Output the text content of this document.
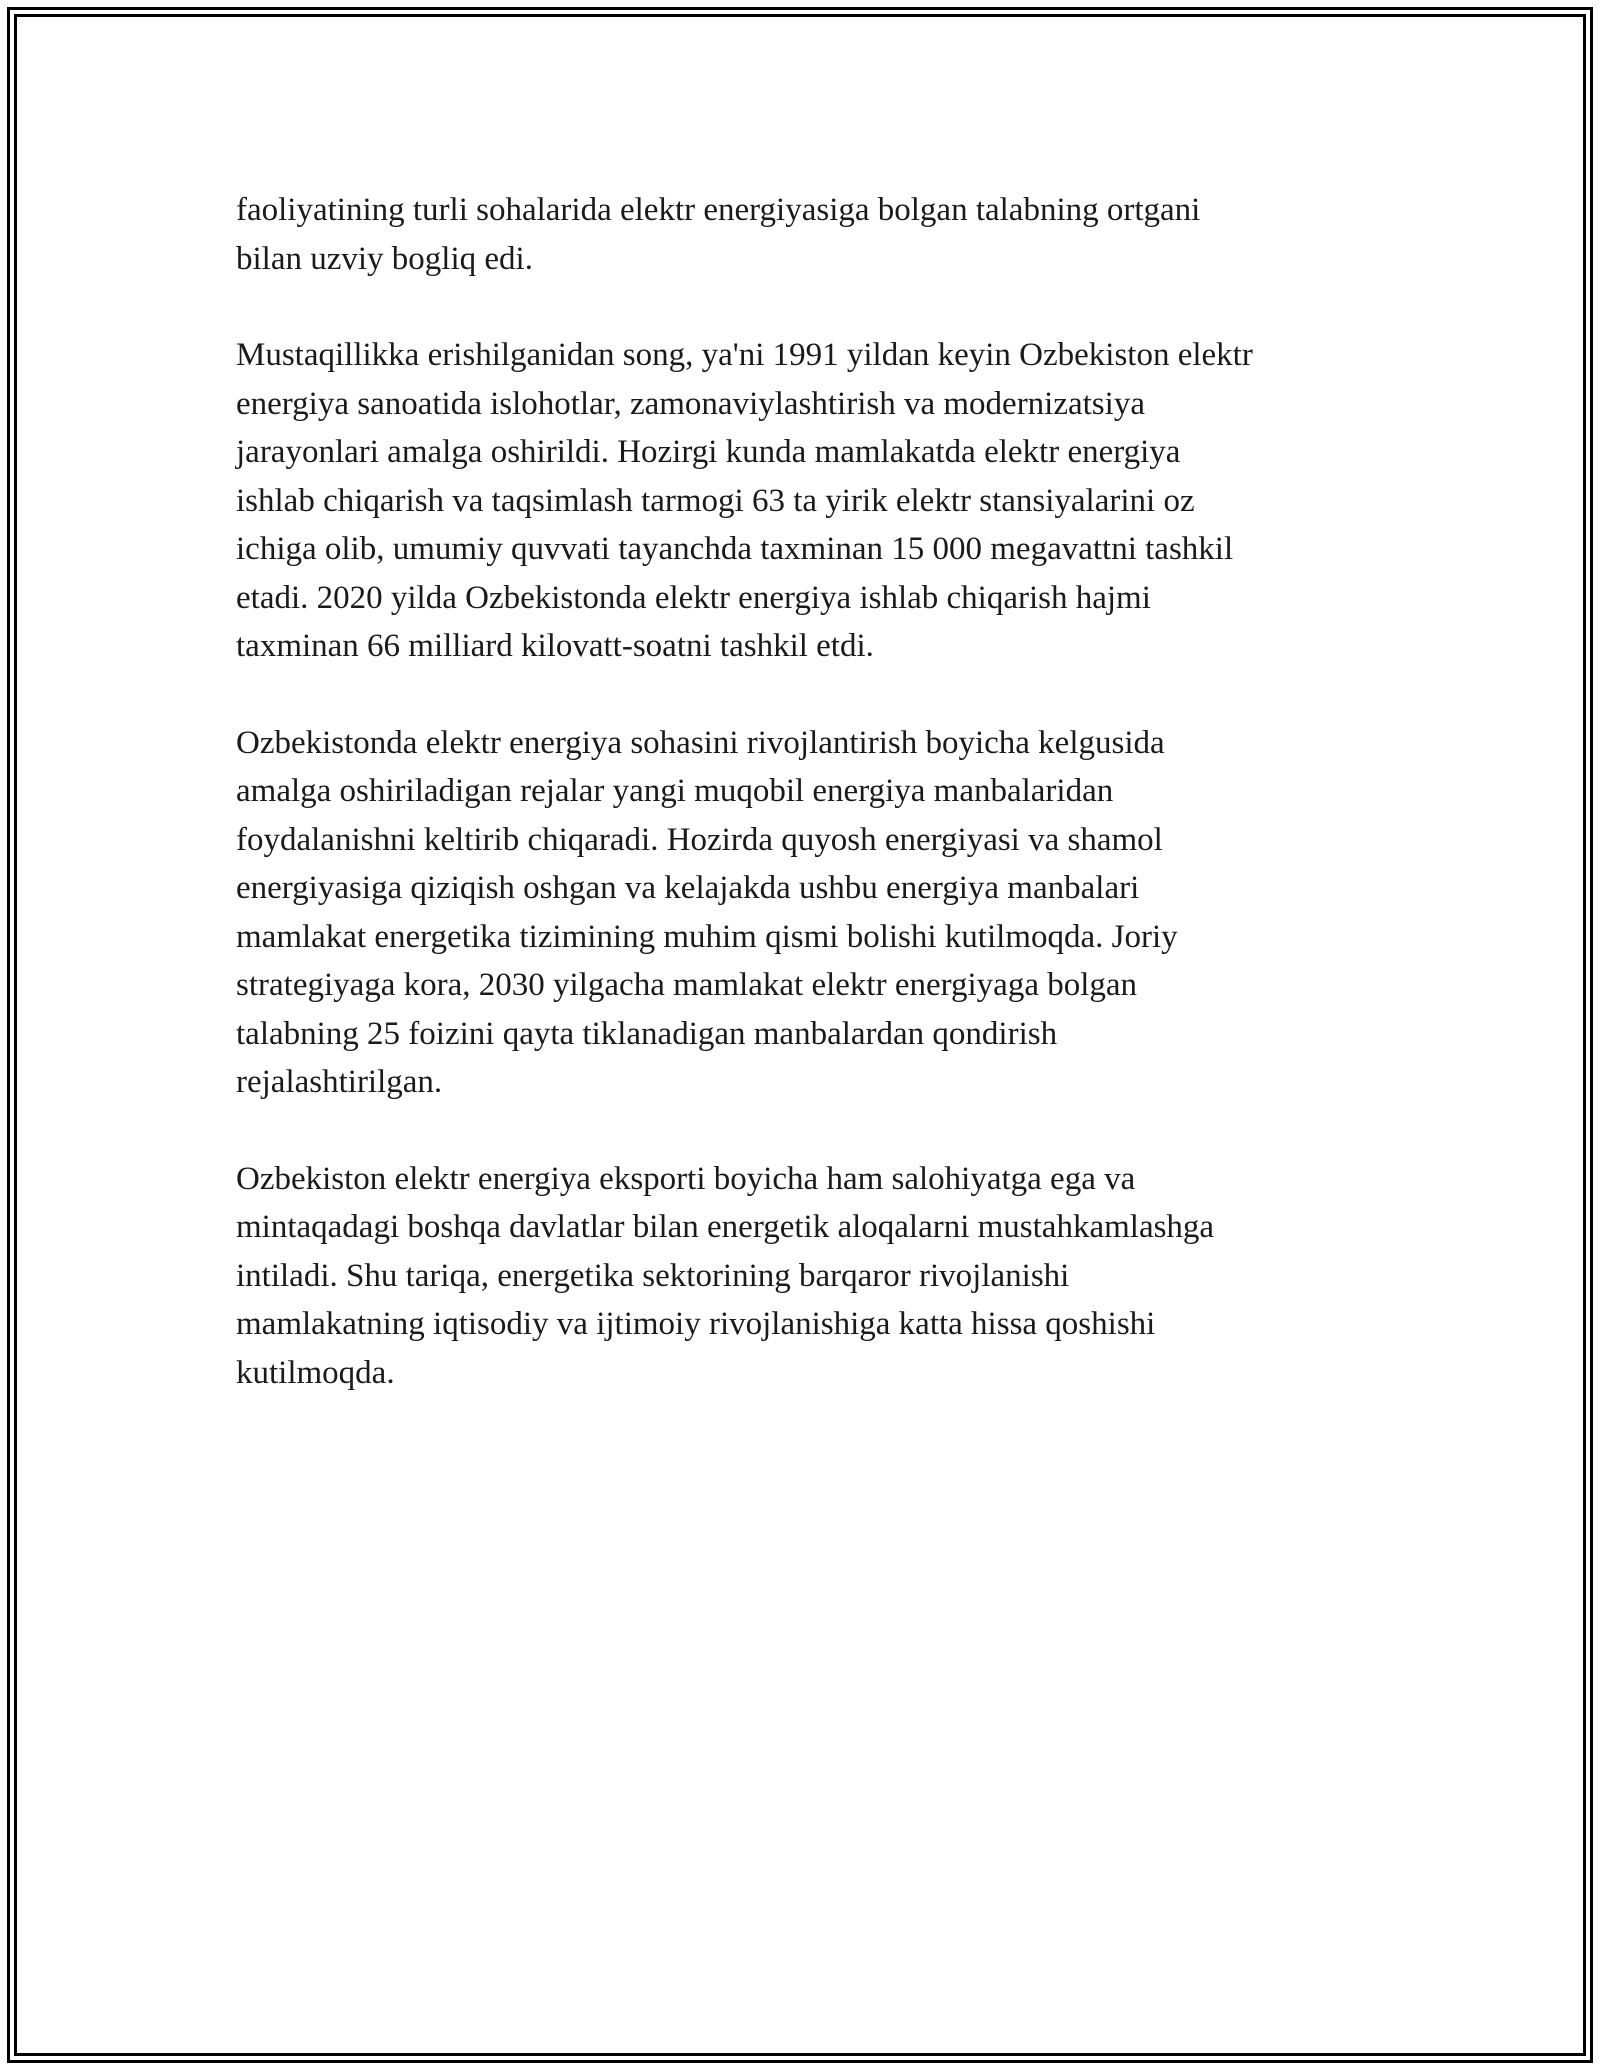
faoliyatining turli sohalarida elektr energiyasiga bolgan talabning ortgani
bilan uzviy bogliq edi.

Mustaqillikka erishilganidan song, ya'ni 1991 yildan keyin Ozbekiston elektr
energiya sanoatida islohotlar, zamonaviylashtirish va modernizatsiya
jarayonlari amalga oshirildi. Hozirgi kunda mamlakatda elektr energiya
ishlab chiqarish va taqsimlash tarmogi 63 ta yirik elektr stansiyalarini oz
ichiga olib, umumiy quvvati tayanchda taxminan 15 000 megavattni tashkil
etadi. 2020 yilda Ozbekistonda elektr energiya ishlab chiqarish hajmi
taxminan 66 milliard kilovatt-soatni tashkil etdi.

Ozbekistonda elektr energiya sohasini rivojlantirish boyicha kelgusida
amalga oshiriladigan rejalar yangi muqobil energiya manbalaridan
foydalanishni keltirib chiqaradi. Hozirda quyosh energiyasi va shamol
energiyasiga qiziqish oshgan va kelajakda ushbu energiya manbalari
mamlakat energetika tizimining muhim qismi bolishi kutilmoqda. Joriy
strategiyaga kora, 2030 yilgacha mamlakat elektr energiyaga bolgan
talabning 25 foizini qayta tiklanadigan manbalardan qondirish
rejalashtirilgan.

Ozbekiston elektr energiya eksporti boyicha ham salohiyatga ega va
mintaqadagi boshqa davlatlar bilan energetik aloqalarni mustahkamlashga
intiladi. Shu tariqa, energetika sektorining barqaror rivojlanishi
mamlakatning iqtisodiy va ijtimoiy rivojlanishiga katta hissa qoshishi
kutilmoqda.
